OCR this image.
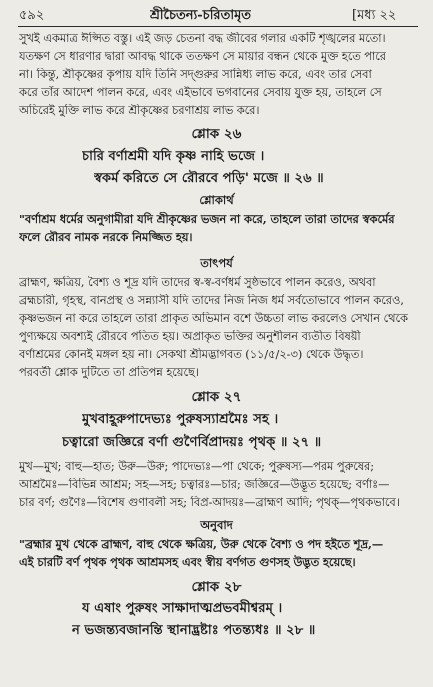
৫৯২	শ্রীচৈতন্য-চরিতামৃত	[মধ্য ২২
সুখই একমাত্র ঈপ্সিত বস্তু। এই জড় চেতনা বদ্ধ জীবের গলার একটি শৃঙ্খলের মতো।
যতক্ষণ সে ধারণার দ্বারা আবদ্ধ থাকে ততক্ষণ সে মায়ার বন্ধন থেকে মুক্ত হতে পারে
না। কিন্তু, শ্রীকৃষ্ণের কৃপায় যদি তিনি সদ্‌গুরুর সান্নিধ্য লাভ করে, এবং তার সেবা
করে তাঁর আদেশ পালন করে, এবং এইভাবে ভগবানের সেবায় যুক্ত হয়, তাহলে সে
অচিরেই মুক্তি লাভ করে শ্রীকৃষ্ণের চরণাশ্রয় লাভ করে।
শ্লোক ২৬
চারি বর্ণাশ্রমী যদি কৃষ্ণ নাহি ভজে ।
স্বকর্ম করিতে সে রৌরবে পড়ি' মজে ॥ ২৬ ॥
শ্লোকার্থ
"বর্ণাশ্রম ধর্মের অনুগামীরা যদি শ্রীকৃষ্ণের ভজন না করে, তাহলে তারা তাদের স্বকর্মের
ফলে রৌরব নামক নরকে নিমজ্জিত হয়।
তাৎপর্য
ব্রাহ্মণ, ক্ষত্রিয়, বৈশ্য ও শূদ্র যদি তাদের স্ব-স্ব-বর্ণধর্ম সুষ্ঠভাবে পালন করেও, অথবা
ব্রহ্মচারী, গৃহস্থ, বানপ্রস্থ ও সন্ন্যাসী যদি তাদের নিজ নিজ ধর্ম সর্বতোভাবে পালন করেও,
কৃষ্ণভজন না করে তাহলে তারা প্রাকৃত অভিমান বশে উচ্চতা লাভ করলেও সেখান থেকে
পুণ্যক্ষয়ে অবশ্যই রৌরবে পতিত হয়। অপ্রাকৃত ভক্তির অনুশীলন ব্যতীত বিষয়ী
বর্ণাশ্রমের কোনই মঙ্গল হয় না। সেকথা শ্রীমদ্ভাগবত (১১/৫/২-৩) থেকে উদ্ধৃত।
পরবর্তী শ্লোক দুটিতে তা প্রতিপন্ন হয়েছে।
শ্লোক ২৭
মুখবাহূরুপাদেভ্যঃ পুরুষস্যাশ্রমৈঃ সহ ।
চত্বারো জজ্ঞিরে বর্ণা গুণৈর্বিপ্রাদয়ঃ পৃথক্ ॥ ২৭ ॥
মুখ—মুখ; বাহু—হাত; উরু—উরু; পাদেভ্যঃ—পা থেকে; পুরুষস্য—পরম পুরুষের;
আশ্রমৈঃ—বিভিন্ন আশ্রম; সহ—সহ; চত্বারঃ—চার; জজ্ঞিরে—উদ্ভূত হয়েছে; বর্ণাঃ—
চার বর্ণ; গুণৈঃ—বিশেষ গুণাবলী সহ; বিপ্র-আদয়ঃ—ব্রাহ্মণ আদি; পৃথক্—পৃথকভাবে।
অনুবাদ
"ব্রহ্মার মুখ থেকে ব্রাহ্মণ, বাহু থেকে ক্ষত্রিয়, উরু থেকে বৈশ্য ও পদ হইতে শূদ্র,—
এই চারটি বর্ণ পৃথক পৃথক আশ্রমসহ এবং স্বীয় বর্ণগত গুণসহ উদ্ভূত হয়েছে।
শ্লোক ২৮
য এষাং পুরুষং সাক্ষাদাত্মপ্রভবমীশ্বরম্ ।
ন ভজন্ত্যবজানন্তি স্থানাদ্ভ্রষ্টাঃ পতন্ত্যধঃ ॥ ২৮ ॥
